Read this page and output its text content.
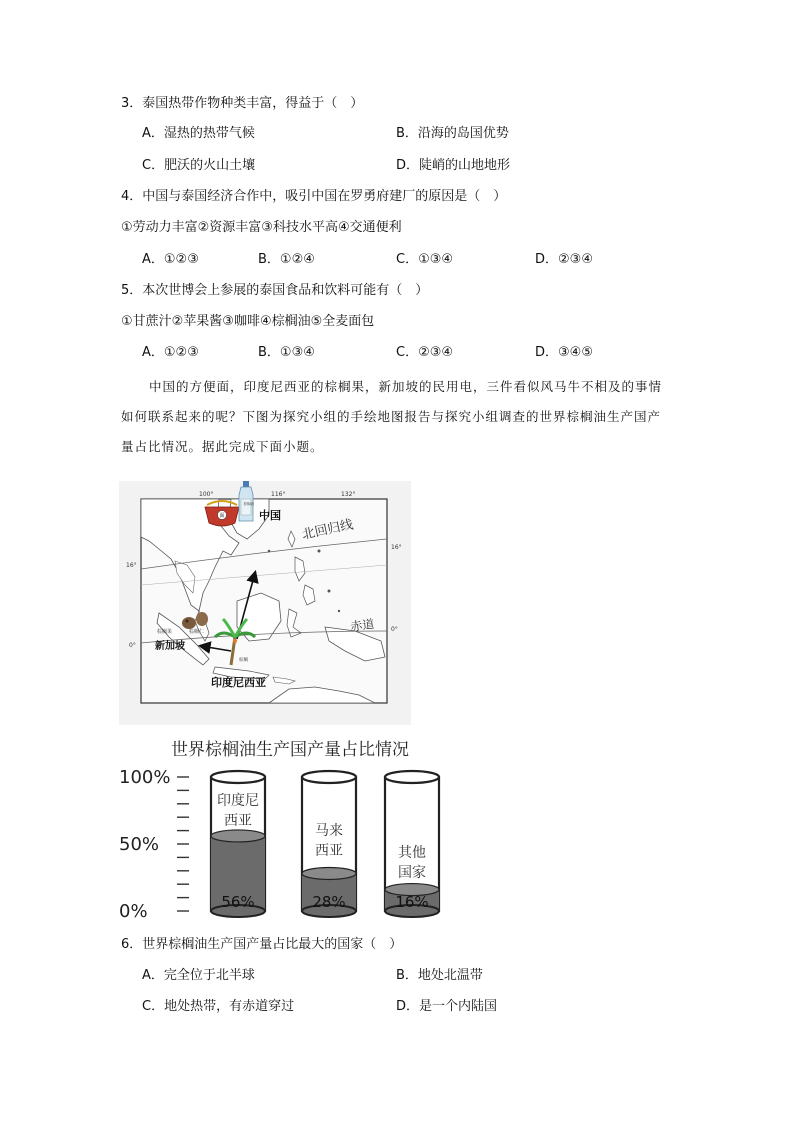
3．泰国热带作物种类丰富，得益于（　）
A．湿热的热带气候	B．沿海的岛国优势
C．肥沃的火山土壤	D．陡峭的山地地形
4．中国与泰国经济合作中，吸引中国在罗勇府建厂的原因是（　）
①劳动力丰富②资源丰富③科技水平高④交通便利
A．①②③	B．①②④	C．①③④	D．②③④
5．本次世博会上参展的泰国食品和饮料可能有（　）
①甘蔗汁②苹果酱③咖啡④棕榈油⑤全麦面包
A．①②③	B．①③④	C．②③④	D．③④⑤
中国的方便面，印度尼西亚的棕榈果，新加坡的民用电，三件看似风马牛不相及的事情如何联系起来的呢？下图为探究小组的手绘地图报告与探究小组调查的世界棕榈油生产国产量占比情况。据此完成下面小题。
100°	116°	132°
16°
0°
16°
0°
中国
北回归线
赤道
新加坡
印度尼西亚
面
棕榈油
棕榈果	棕榈仁
棕榈
世界棕榈油生产国产量占比情况
100%
50%
0%	56%
印度尼
西亚
28%
马来
西亚
16%
其他
国家
6．世界棕榈油生产国产量占比最大的国家（　）
A．完全位于北半球	B．地处北温带
C．地处热带，有赤道穿过	D．是一个内陆国
